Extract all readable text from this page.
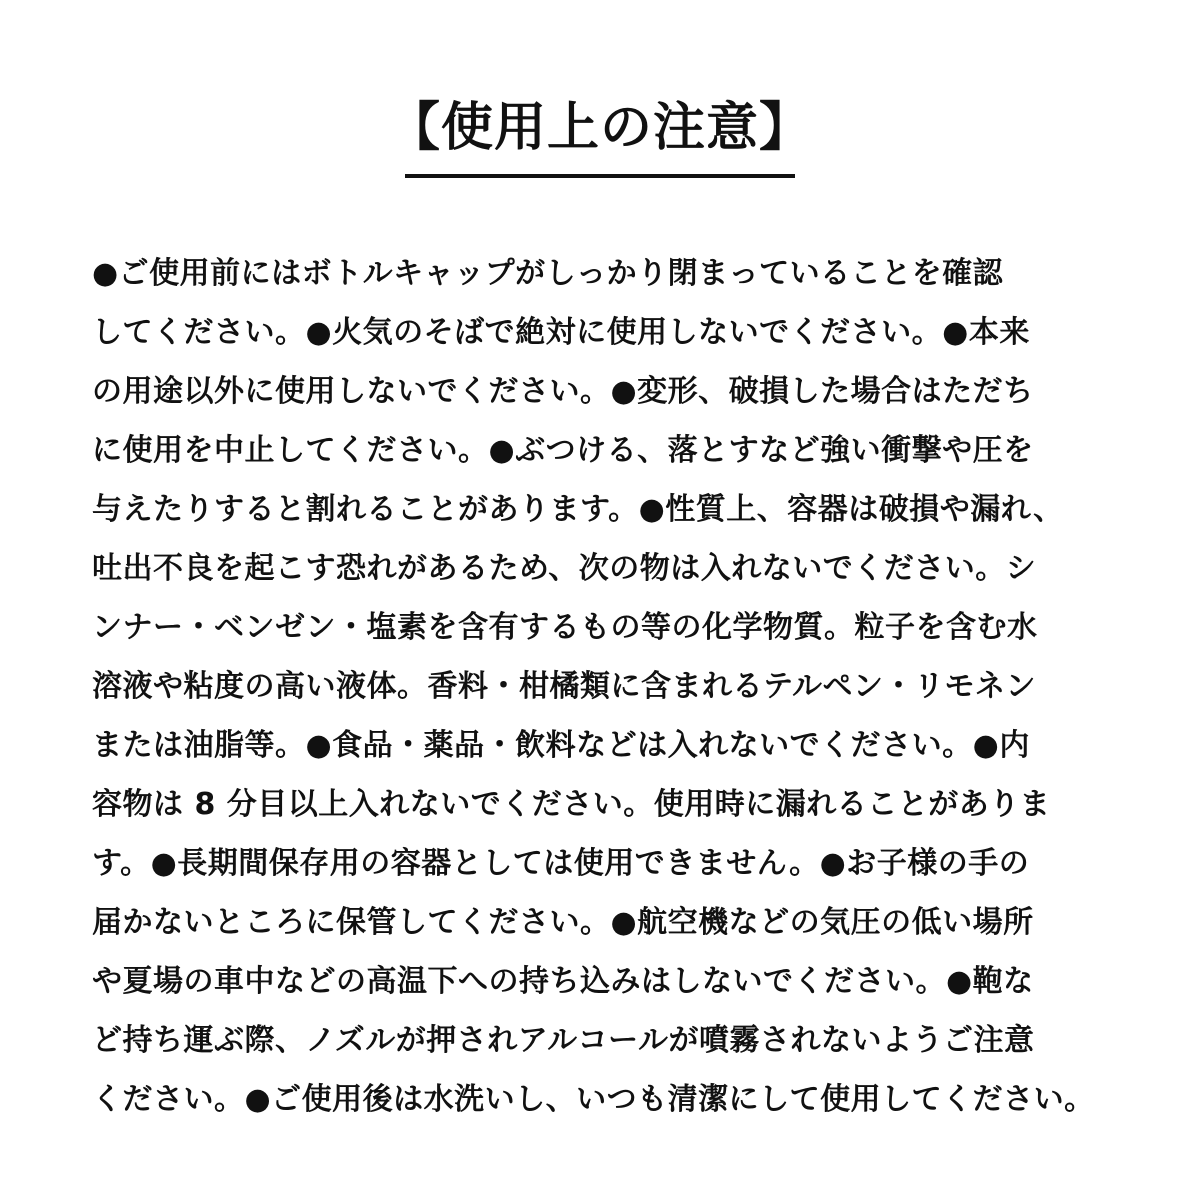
【使用上の注意】
●ご使用前にはボトルキャップがしっかり閉まっていることを確認
してください。●火気のそばで絶対に使用しないでください。●本来
の用途以外に使用しないでください。●変形、破損した場合はただち
に使用を中止してください。●ぶつける、落とすなど強い衝撃や圧を
与えたりすると割れることがあります。●性質上、容器は破損や漏れ、
吐出不良を起こす恐れがあるため、次の物は入れないでください。シ
ンナー・ベンゼン・塩素を含有するもの等の化学物質。粒子を含む水
溶液や粘度の高い液体。香料・柑橘類に含まれるテルペン・リモネン
または油脂等。●食品・薬品・飲料などは入れないでください。●内
容物は 8 分目以上入れないでください。使用時に漏れることがありま
す。●長期間保存用の容器としては使用できません。●お子様の手の
届かないところに保管してください。●航空機などの気圧の低い場所
や夏場の車中などの高温下への持ち込みはしないでください。●鞄な
ど持ち運ぶ際、ノズルが押されアルコールが噴霧されないようご注意
ください。●ご使用後は水洗いし、いつも清潔にして使用してください。
